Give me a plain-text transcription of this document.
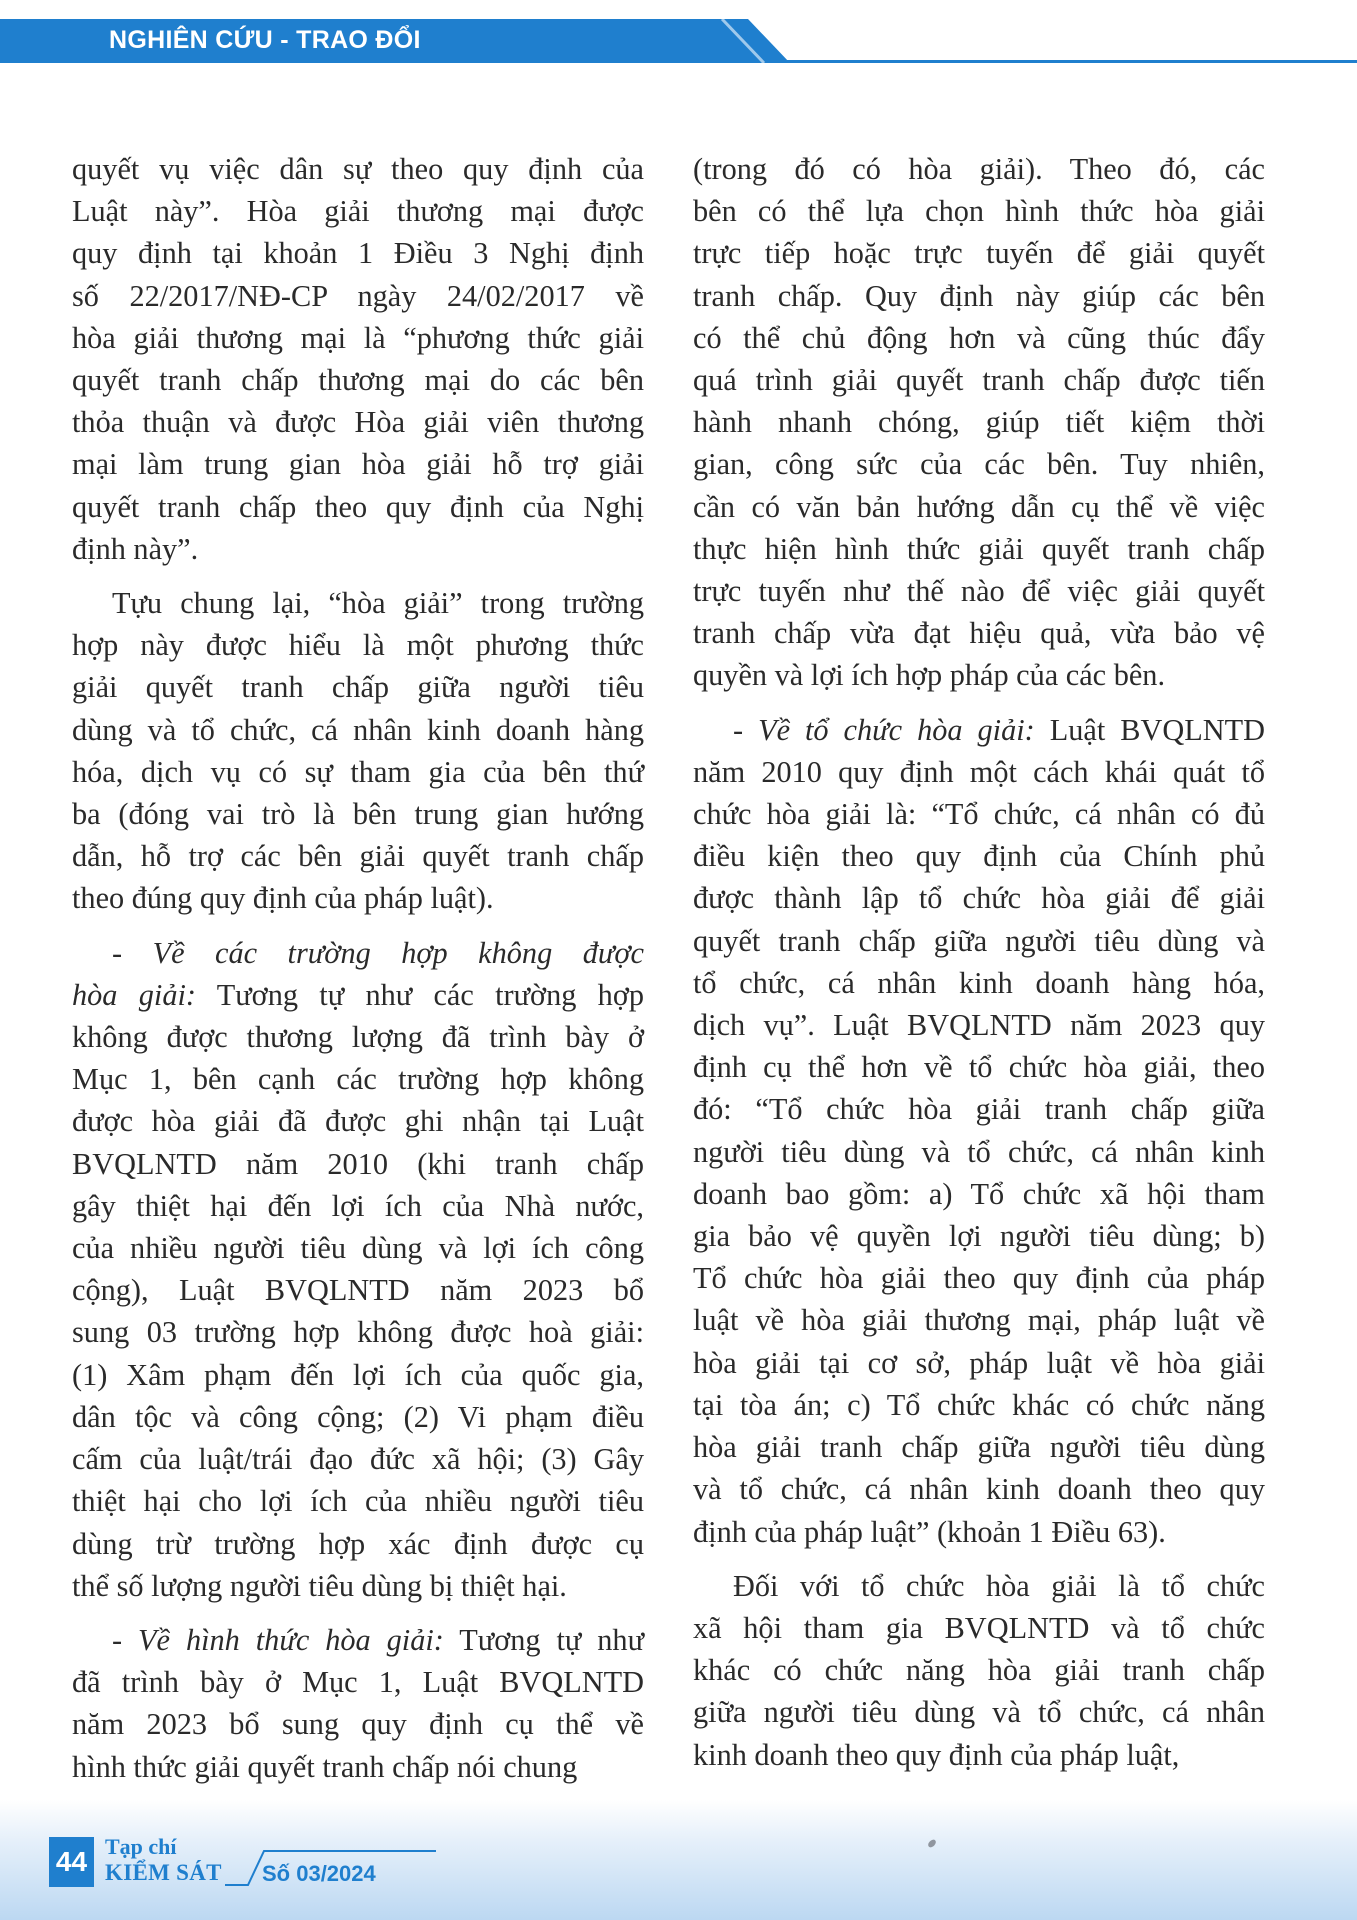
NGHIÊN CỨU - TRAO ĐỔI

quyết vụ việc dân sự theo quy định của
Luật này”. Hòa giải thương mại được
quy định tại khoản 1 Điều 3 Nghị định
số 22/2017/NĐ-CP ngày 24/02/2017 về
hòa giải thương mại là “phương thức giải
quyết tranh chấp thương mại do các bên
thỏa thuận và được Hòa giải viên thương
mại làm trung gian hòa giải hỗ trợ giải
quyết tranh chấp theo quy định của Nghị
định này”.

Tựu chung lại, “hòa giải” trong trường
hợp này được hiểu là một phương thức
giải quyết tranh chấp giữa người tiêu
dùng và tổ chức, cá nhân kinh doanh hàng
hóa, dịch vụ có sự tham gia của bên thứ
ba (đóng vai trò là bên trung gian hướng
dẫn, hỗ trợ các bên giải quyết tranh chấp
theo đúng quy định của pháp luật).

- Về các trường hợp không được
hòa giải: Tương tự như các trường hợp
không được thương lượng đã trình bày ở
Mục 1, bên cạnh các trường hợp không
được hòa giải đã được ghi nhận tại Luật
BVQLNTD năm 2010 (khi tranh chấp
gây thiệt hại đến lợi ích của Nhà nước,
của nhiều người tiêu dùng và lợi ích công
cộng), Luật BVQLNTD năm 2023 bổ
sung 03 trường hợp không được hoà giải:
(1) Xâm phạm đến lợi ích của quốc gia,
dân tộc và công cộng; (2) Vi phạm điều
cấm của luật/trái đạo đức xã hội; (3) Gây
thiệt hại cho lợi ích của nhiều người tiêu
dùng trừ trường hợp xác định được cụ
thể số lượng người tiêu dùng bị thiệt hại.

- Về hình thức hòa giải: Tương tự như
đã trình bày ở Mục 1, Luật BVQLNTD
năm 2023 bổ sung quy định cụ thể về
hình thức giải quyết tranh chấp nói chung

(trong đó có hòa giải). Theo đó, các
bên có thể lựa chọn hình thức hòa giải
trực tiếp hoặc trực tuyến để giải quyết
tranh chấp. Quy định này giúp các bên
có thể chủ động hơn và cũng thúc đẩy
quá trình giải quyết tranh chấp được tiến
hành nhanh chóng, giúp tiết kiệm thời
gian, công sức của các bên. Tuy nhiên,
cần có văn bản hướng dẫn cụ thể về việc
thực hiện hình thức giải quyết tranh chấp
trực tuyến như thế nào để việc giải quyết
tranh chấp vừa đạt hiệu quả, vừa bảo vệ
quyền và lợi ích hợp pháp của các bên.

- Về tổ chức hòa giải: Luật BVQLNTD
năm 2010 quy định một cách khái quát tổ
chức hòa giải là: “Tổ chức, cá nhân có đủ
điều kiện theo quy định của Chính phủ
được thành lập tổ chức hòa giải để giải
quyết tranh chấp giữa người tiêu dùng và
tổ chức, cá nhân kinh doanh hàng hóa,
dịch vụ”. Luật BVQLNTD năm 2023 quy
định cụ thể hơn về tổ chức hòa giải, theo
đó: “Tổ chức hòa giải tranh chấp giữa
người tiêu dùng và tổ chức, cá nhân kinh
doanh bao gồm: a) Tổ chức xã hội tham
gia bảo vệ quyền lợi người tiêu dùng; b)
Tổ chức hòa giải theo quy định của pháp
luật về hòa giải thương mại, pháp luật về
hòa giải tại cơ sở, pháp luật về hòa giải
tại tòa án; c) Tổ chức khác có chức năng
hòa giải tranh chấp giữa người tiêu dùng
và tổ chức, cá nhân kinh doanh theo quy
định của pháp luật” (khoản 1 Điều 63).

Đối với tổ chức hòa giải là tổ chức
xã hội tham gia BVQLNTD và tổ chức
khác có chức năng hòa giải tranh chấp
giữa người tiêu dùng và tổ chức, cá nhân
kinh doanh theo quy định của pháp luật,

44 Tạp chí
KIỂM SÁT Số 03/2024
